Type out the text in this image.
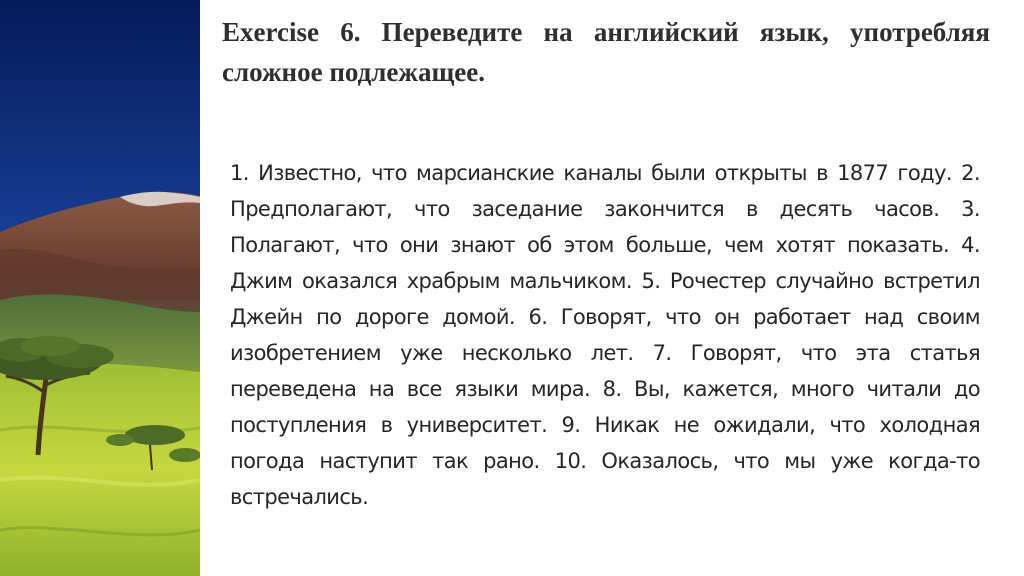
Exercise 6. Переведите на английский язык, употребляя сложное подлежащее.

1. Известно, что марсианские каналы были открыты в 1877 году. 2. Предполагают, что заседание закончится в десять часов. 3. Полагают, что они знают об этом больше, чем хотят показать. 4. Джим оказался храбрым мальчиком. 5. Рочестер случайно встретил Джейн по дороге домой. 6. Говорят, что он работает над своим изобретением уже несколько лет. 7. Говорят, что эта статья переведена на все языки мира. 8. Вы, кажется, много читали до поступления в университет. 9. Никак не ожидали, что холодная погода наступит так рано. 10. Оказалось, что мы уже когда-то встречались.
